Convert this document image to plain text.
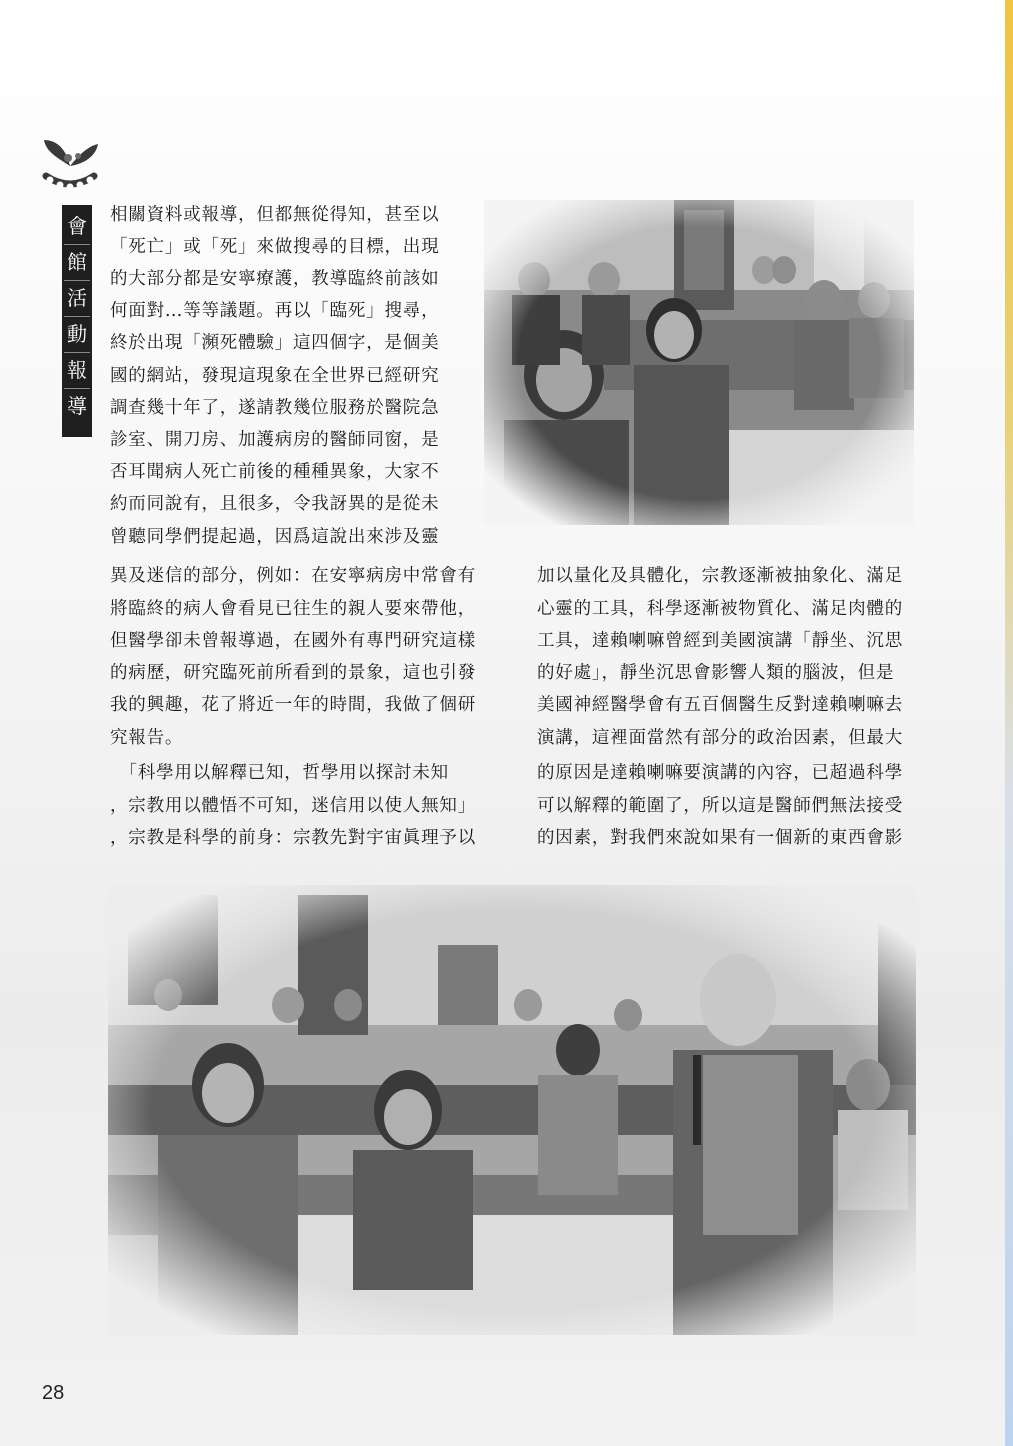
會
館
活
動
報
導
相關資料或報導，但都無從得知，甚至以
「死亡」或「死」來做搜尋的目標，出現
的大部分都是安寧療護，教導臨終前該如
何面對…等等議題。再以「臨死」搜尋，
終於出現「瀕死體驗」這四個字，是個美
國的網站，發現這現象在全世界已經研究
調查幾十年了，遂請教幾位服務於醫院急
診室、開刀房、加護病房的醫師同窗，是
否耳聞病人死亡前後的種種異象，大家不
約而同說有，且很多，令我訝異的是從未
曾聽同學們提起過，因爲這說出來涉及靈
異及迷信的部分，例如：在安寧病房中常會有
將臨終的病人會看見已往生的親人要來帶他，
但醫學卻未曾報導過，在國外有專門研究這樣
的病歷，研究臨死前所看到的景象，這也引發
我的興趣，花了將近一年的時間，我做了個研
究報告。
　「科學用以解釋已知，哲學用以探討未知
，宗教用以體悟不可知，迷信用以使人無知」
，宗教是科學的前身：宗教先對宇宙眞理予以
加以量化及具體化，宗教逐漸被抽象化、滿足
心靈的工具，科學逐漸被物質化、滿足肉體的
工具，達賴喇嘛曾經到美國演講「靜坐、沉思
的好處」，靜坐沉思會影響人類的腦波，但是
美國神經醫學會有五百個醫生反對達賴喇嘛去
演講，這裡面當然有部分的政治因素，但最大
的原因是達賴喇嘛要演講的內容，已超過科學
可以解釋的範圍了，所以這是醫師們無法接受
的因素，對我們來說如果有一個新的東西會影
28
